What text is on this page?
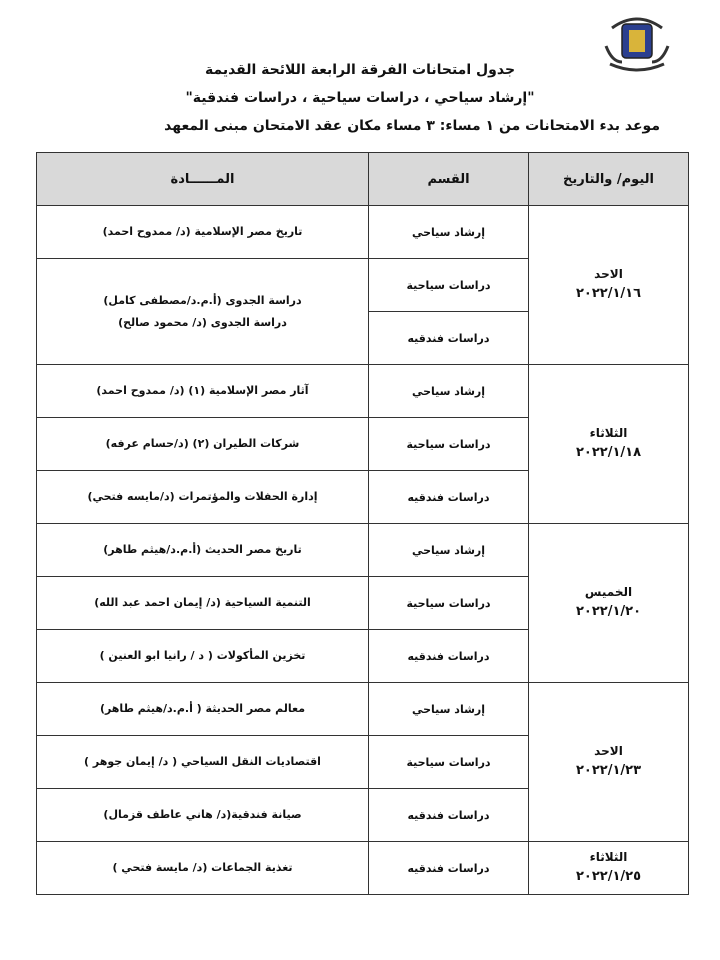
جدول امتحانات الفرقة الرابعة اللائحة القديمة
"إرشاد سياحي ، دراسات سياحية ، دراسات فندقية"
موعد بدء الامتحانات من ١ مساء: ٣ مساء مكان عقد الامتحان مبنى المعهد
اليوم/ والتاريخ	القسم	المــــــادة

الاحد
٢٠٢٢/١/١٦	إرشاد سياحي	تاريخ مصر الإسلامية (د/ ممدوح احمد)

	دراسات سياحية	دراسة الجدوى (أ.م.د/مصطفى كامل)
دراسة الجدوى (د/ محمود صالح)

	دراسات فندقيه	

الثلاثاء
٢٠٢٢/١/١٨	إرشاد سياحي	آثار مصر الإسلامية (١) (د/ ممدوح احمد)

	دراسات سياحية	شركات الطيران (٢) (د/حسام عرفه)

	دراسات فندقيه	إدارة الحفلات والمؤتمرات (د/مايسه فتحي)

الخميس
٢٠٢٢/١/٢٠	إرشاد سياحي	تاريخ مصر الحديث (أ.م.د/هيثم طاهر)

	دراسات سياحية	التنمية السياحية (د/ إيمان احمد عبد الله)

	دراسات فندقيه	تخزين المأكولات ( د / رانيا ابو العنين )

الاحد
٢٠٢٢/١/٢٣	إرشاد سياحي	معالم مصر الحديثة ( أ.م.د/هيثم طاهر)

	دراسات سياحية	اقتصاديات النقل السياحي ( د/ إيمان جوهر )

	دراسات فندقيه	صيانة فندقية(د/ هاني عاطف قزمال)

الثلاثاء
٢٠٢٢/١/٢٥	دراسات فندقيه	تغذية الجماعات (د/ مايسة فتحي )
